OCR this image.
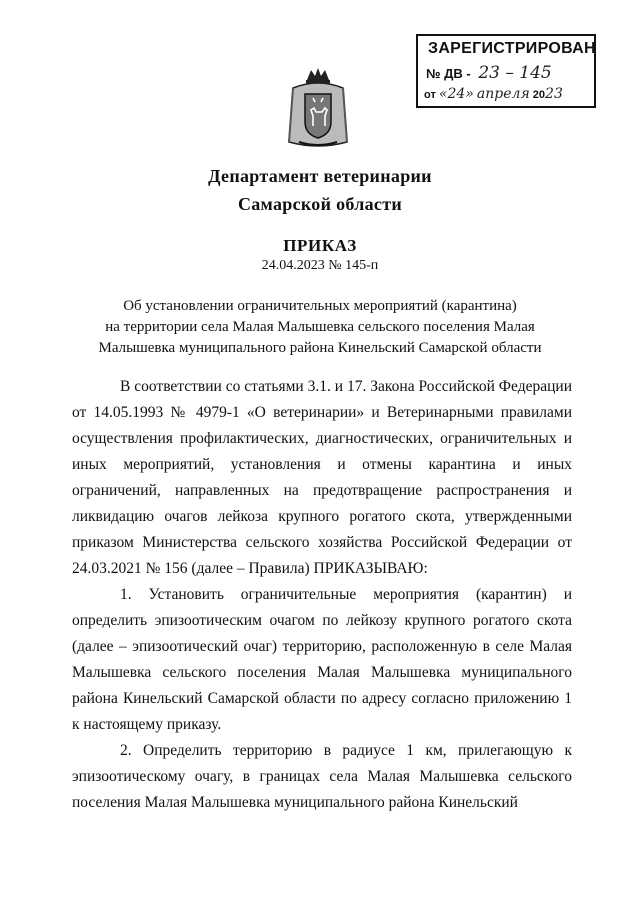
ЗАРЕГИСТРИРОВАН
№ ДВ - 23 – 145
от «24» апреля 2023
Департамент ветеринарии
Самарской области
ПРИКАЗ
24.04.2023 № 145-п
Об установлении ограничительных мероприятий (карантина)
на территории села Малая Малышевка сельского поселения Малая
Малышевка муниципального района Кинельский Самарской области

В соответствии со статьями 3.1. и 17. Закона Российской Федерации от 14.05.1993 № 4979-1 «О ветеринарии» и Ветеринарными правилами осуществления профилактических, диагностических, ограничительных и иных мероприятий, установления и отмены карантина и иных ограничений, направленных на предотвращение распространения и ликвидацию очагов лейкоза крупного рогатого скота, утвержденными приказом Министерства сельского хозяйства Российской Федерации от 24.03.2021 № 156 (далее – Правила) ПРИКАЗЫВАЮ:

1. Установить ограничительные мероприятия (карантин) и определить эпизоотическим очагом по лейкозу крупного рогатого скота (далее – эпизоотический очаг) территорию, расположенную в селе Малая Малышевка сельского поселения Малая Малышевка муниципального района Кинельский Самарской области по адресу согласно приложению 1 к настоящему приказу.

2. Определить территорию в радиусе 1 км, прилегающую к эпизоотическому очагу, в границах села Малая Малышевка сельского поселения Малая Малышевка муниципального района Кинельский
